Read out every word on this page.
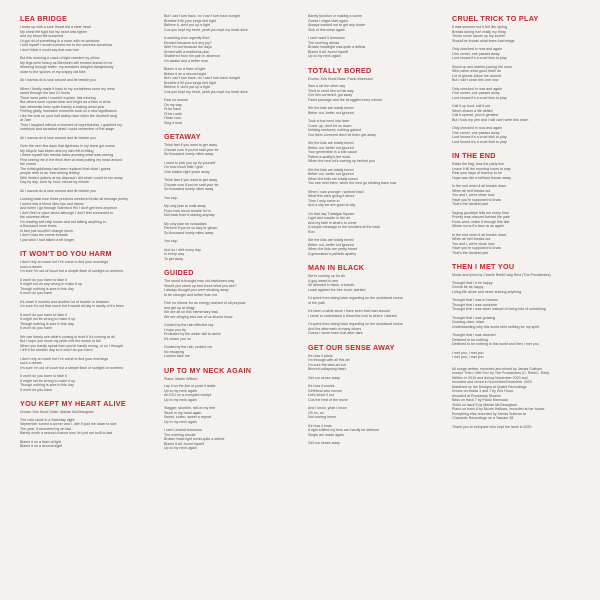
LEA BRIDGE
I woke up with a sore throat but a clear head
My chest felt tight but my heart was lighter
and my blood felt loosened
I'd got rid of something in a room with no windows
I told myself I would connect me to the universe somehow
I don't think it could say that was true
But this morning a crack of light crawled my pillow
My legs were heavy as Blenheim still bruised ahead of me
Weaving through traffic, my sneakers dangled dangerously
close to the spokes of my crappy old bike
All I wanna do is lose around and lie beside you
When I finally made it back to my curtainless room my mind
raced through the last 24 hours
There were parts I couldn't explain, bits missing
But others were crystal clear and bright as a flare in what
had otherwise been quite frankly a fucking awful year
Feeling giddy, mundane moments took on a new significance
Like the look on your half asleep face when the doorbell rang
at 7am
Then I laughed without a moment of regretfulness, I grabbed my
notebook and scrawled what I could remember of the stage
All I wanna do is lose around and lie beside you
Over the next few days that tightness in my chest got worse
My bicycle had stolen and my slim felt ill-fitting
I threw myself into mental tasks avoiding what was coming
First seeing me in the flesh then at least putting my head around
the corner
The initial giddiness had been replaced that what I guess
people refer to as 'that sinking feeling'
With limited options at my disposal I did what I could to run away
Day by day, hour by hour, minute by minute
All I wanna do is lose around and lie beside you
Looking back now those previous weekend broke all teenage poetry
I loved how a friend likes lips and drains
And when I go through Stamford Hill I don't get tired anymore
I don't feel or pace about although I don't feel connected to
the universe either
I'm reading self-help books and not talking anything in,
a thousand more times
In fact just wouldn't change much
I don't miss the scene threads
I just wish I had talked a bit longer
IT WON'T DO YOU HARM
I don't rely on much but I've come to find your mornings
such a dream
I'm sure I'm out of touch but a simple flash of sunlight on screens
It won't do you harm to take it
It might not do any wrong to make it up
Though nothing is sure in this day
It won't do you harm
It's clear! It months and another lot of trouble in between
I'm sure it's not that much but it would all day in sanity of it's been
It won't do you harm to fake it
It might not be wrong to make it up
Though nothing is sure in this day
It won't do you harm
We can barely see what's coming in front if it's coming at all
But I hope you know my pride met the worse to fall
When you hardly speak then you're hardly wrong, or so I thought
I left it for another day so it won't do you harm
I don't rely on much but I've come to find your mornings
such a dream
I'm sure I'm out of touch but a simple flash of sunlight on screens
It won't do you harm to take it
It might not be wrong to make it up
Though nothing is sure in this day
It won't do you harm
YOU KEPT MY HEART ALIVE
Drums: Kris Hood Violin: Marian McGeaughan
The cold came in a Saturday night
September turned a corner and I, with it just me down to size
The year, it simmered by on fast
Barely worth a second chance now I'm just not built to last
Blame it on a flash of light
Blame it on a second sight
But I can't turn back, no I can't turn back tonight
Breathe it till your lungs feel tight
Believe it, don't put up a fight
Cos you kept my heart, yeah you kept my heart alive
A warning shot urgently fired
Remind because is it any joy?
Well I'm not because the days
Armed with a readiness plan
Shattered from the pain in absence
I'm awake and a better man
Blame it on a flash of light
Blame it on a second sight
But I can't turn back, no I can't turn back tonight
Breathe it till your lungs feel tight
Believe it, don't put up a fight
Cos you kept my heart, yeah you kept my heart alive
Fast no aname
On my way
I'll be back
I'll be Louth
Clean now
Sing it loud
GETAWAY
Think fast if you want to get away
Choose now if you've said your lot
So thousand lonely miles away
I used to pick you up by yourself
On how much little I give
One station right years away
Think fast if you want to get away
Choose now if you've said your lot
So thousand lonely miles away
You say...
My only plan to walk away
From how much trouble I'm in
Not back from it staving anyway
My only plan for nowadays
Perform if you're so lazy or gloom
So thousand lonely miles away
You say...
And so I drift every day
In every way
To get away
GUIDED
The world is thought man old-fashioned way
Would you stand up and shout what you see?
I always thought you were stroking away
to be stronger and better than me
Feel no shame for an energy drained of all purpose
and get up at dingy
We are all on this elementary task
We are clinging and one of us should know
Guided by the rain effected sky
I hope you try
Protected by the winter still to arrive
It's clears you on
Guided by the rain, protect me
No escaping
London take me
UP TO MY NECK AGAIN
Piano: Martin Wilford
Lay it on the line or push it aside
Up to my neck again
An IOU on a crumpled receipt
Up to my neck again
Stagger, stumble, fall on my feet
Stuck in my head again
Sweet, sullen, sweet a repeat
Up to my neck again
I can't unwind tomorrow
The evening should
Broken head light world quite a defeat
Blame it all, found myself
Up to my neck again
Barely function or making a scene
Guess I might start again
Always wanted not to get any closer
Sick of this mess again
I can't want it tomorrow
The morning ahead
Broken headlight was quite a defeat
Blame it all, found myself
Up to my neck again
TOTALLY BORED
Drums: Kris Hood Bass: Paolo Mannucci
Saw a rat the other day
Tried to send him on his way
Got him cornered, got away
Fame package and the struggled every minute
We the kids are totally bored
Better out, better not ignored
Took a bus went into town
Cover up, don't let us down
Nothing ventured, nothing gained
Got them cornered don't let them get away
We the kids are totally bored
Better out, better not ignored
Your generation is a lost cause
Patted a quality's the word
When the next lot's coming up behind you
We the kids are totally bored
Better out, better not ignored
When the kids are totally bored
You see next them, when the next go stinking back now
When I was younger I worked hard
What this wins giving it about
Then I only came to
And a city we are good at day
On that day Trafalgar Square
Light and crackle in the air
And my faith in what's to come
A simple message to the hecklers at the back
Run
We the kids are totally bored
Better out, better not ignored
When the kids are pretty bored
A generation's pathetic apathy
MAN IN BLACK
We're coming up for air
A guy lowed to see
All dressed in black, a bandit
Leant against the tree trunk, startled
I'd spent from doing back regarding on the sunkissed lovers
of the path
It's been a while since I have seen that man around
I came to understand a throw the luck to where I started
I'd spent from doing back regarding on the sunkissed lovers
And the aftermath of many others
Guess I never learn that after dark
GET OUR SENSE AWAY
It's how it starts
I'm through with all this art
I'm sure the best art out
Blurred collapsing heart
Get our sense away
It's how it moves
Girlfriend who moves
Let's shout it out
Cos the best of the move
And I know, yeah I know
Oh no, no
Not coming home
It's how it ends
A light shifted my lens can hardly be defence
Single are made again
Get our sense away
CRUEL TRICK TO PLAY
It was summer but it felt like spring
Breaks during isn't really my thing
Throw some razors up my screen
Should've known what tears that brings
Only checked in now and again
One corner, one passes away
Lord knows it's a cruel trick to play
Stood up and started pacing the room
Who came what good that'll do
Lot of ghosts follow me around
But I can't close this one now
Only checked in now and again
One corner, one passes away
Lord knows it's a cruel trick to play
Call it up loud, call it out
When chaser a life defied
Call it spread, you're gentlest
But I took my pen and I still can't write this down
Only checked in now and again
One corner, one passes away
Lord knows it's a cruel trick to play
Lord knows it's a cruel trick to play
IN THE END
Raise the flag, toss the party line
Leave it till the morning hours to stay
Rest your days of bravery to be
Hope was like a brilliant thrown away
In the end when it all breaks down
When all hell breaks out
You and I, we're close now
Have you're supposed to know
That's the hardest part
Saying goodbye tells me every time
Priority was rescued behind the pale
Fools work, make it through this tide
Winter turns it's face us as again
In the end when it all breaks down
When all hell breaks out
You and I, we're close now
Have you're supposed to know
That's the hardest part
THEN I MET YOU
Music and lyrics by Charlie Reid/Craig Reid (The Proclaimers)
Thought that I'd be happy
Gonna be as happy
Living life alone and never sharing anything
Thought that I was in heaven
Thought that I was complete
Thought that I was wiser instead of being told of something
Thought that I was growing
Growing older, wiser
Understanding why this world held nothing for my spirit
Thought that I was doomed
Destined to be nothing
Destined to be nothing in this world and then I met you
I met you, I met you
I met you, I met you
All songs written, recorded and mixed by James Sullivan
except 'Then I Met You' by The Proclaimers (C. Reid/C. Reid)
Written in 2019 and during November 2020 and
recorded and mixed in November/December 2020
Mastered by the Designs at Quaint Recordings
Drums on tracks 3 and 7 by Kris Hood,
recorded at Rockaway Studios
Bass on track 7 by Paolo Mannucci
Violin on track 5 by Marian McGeaughan
Piano on track 8 by Nicole Hallows, recorded at her house
Everything else recorded by James Sullivan at
Character Recordings on a Tascam 38
Thank you to everyone who kept the lame in 2020
